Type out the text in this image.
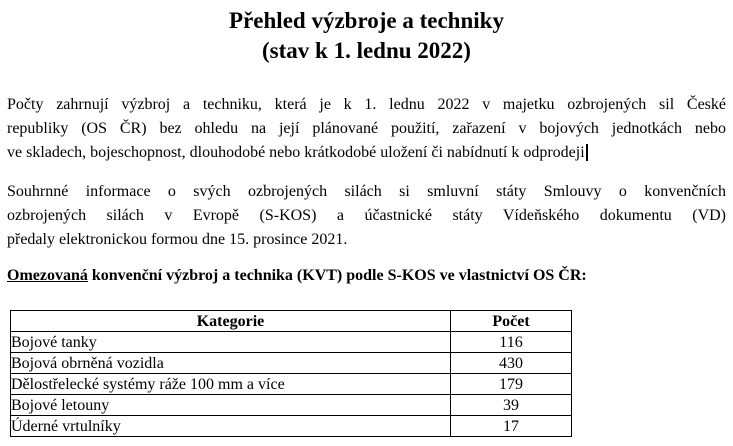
Přehled výzbroje a techniky
(stav k 1. lednu 2022)
Počty zahrnují výzbroj a techniku, která je k 1. lednu 2022 v majetku ozbrojených sil České
republiky (OS ČR) bez ohledu na její plánované použití, zařazení v bojových jednotkách nebo
ve skladech, bojeschopnost, dlouhodobé nebo krátkodobé uložení či nabídnutí k odprodeji
Souhrnné informace o svých ozbrojených silách si smluvní státy Smlouvy o konvenčních
ozbrojených silách v Evropě (S-KOS) a účastnické státy Vídeňského dokumentu (VD)
předaly elektronickou formou dne 15. prosince 2021.
Omezovaná konvenční výzbroj a technika (KVT) podle S-KOS ve vlastnictví OS ČR:
Kategorie	Počet
Bojové tanky	116
Bojová obrněná vozidla	430
Dělostřelecké systémy ráže 100 mm a více	179
Bojové letouny	39
Úderné vrtulníky	17
